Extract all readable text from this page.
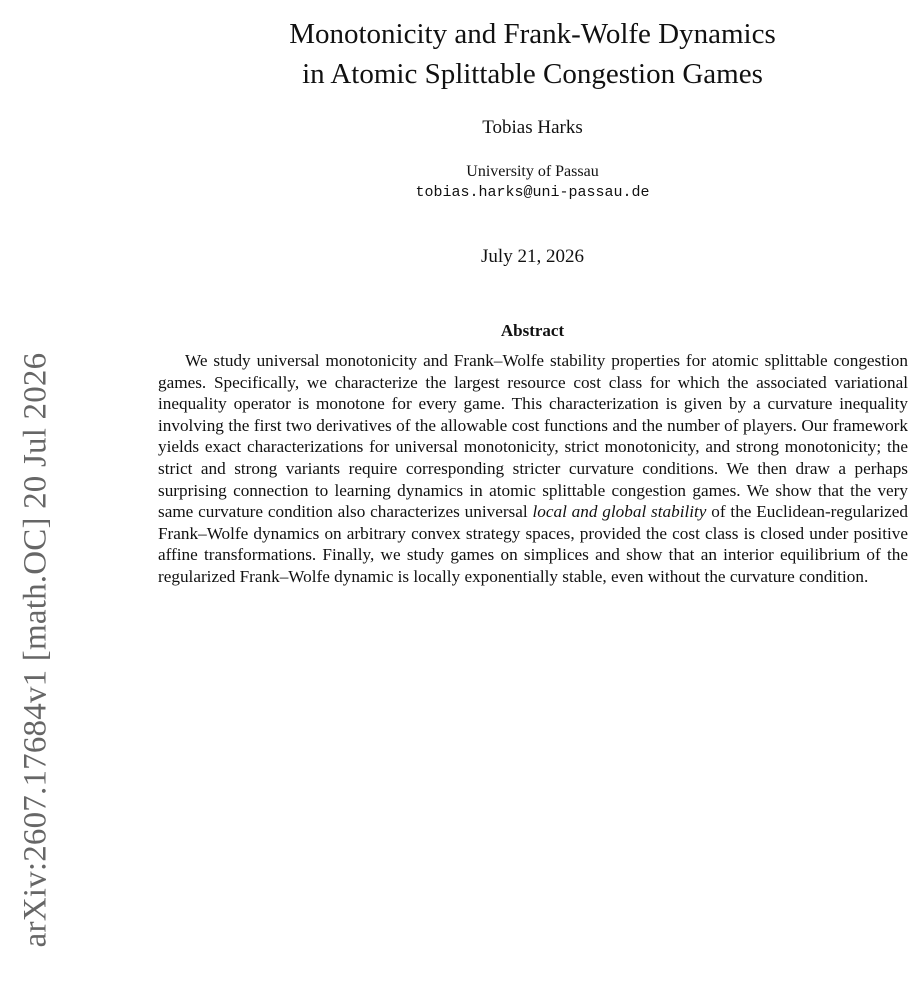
arXiv:2607.17684v1 [math.OC] 20 Jul 2026
Monotonicity and Frank-Wolfe Dynamics
in Atomic Splittable Congestion Games
Tobias Harks
University of Passau
tobias.harks@uni-passau.de
July 21, 2026
Abstract
We study universal monotonicity and Frank–Wolfe stability properties for atomic splittable congestion games. Specifically, we characterize the largest resource cost class for which the associated variational inequality operator is monotone for every game. This characterization is given by a curvature inequality involving the first two derivatives of the allowable cost functions and the number of players. Our framework yields exact characterizations for universal monotonicity, strict monotonicity, and strong monotonicity; the strict and strong variants require corresponding stricter curvature conditions. We then draw a perhaps surprising connection to learning dynamics in atomic splittable congestion games. We show that the very same curvature condition also characterizes universal local and global stability of the Euclidean-regularized Frank–Wolfe dynamics on arbitrary convex strategy spaces, provided the cost class is closed under positive affine transformations. Finally, we study games on simplices and show that an interior equilibrium of the regularized Frank–Wolfe dynamic is locally exponentially stable, even without the curvature condition.
